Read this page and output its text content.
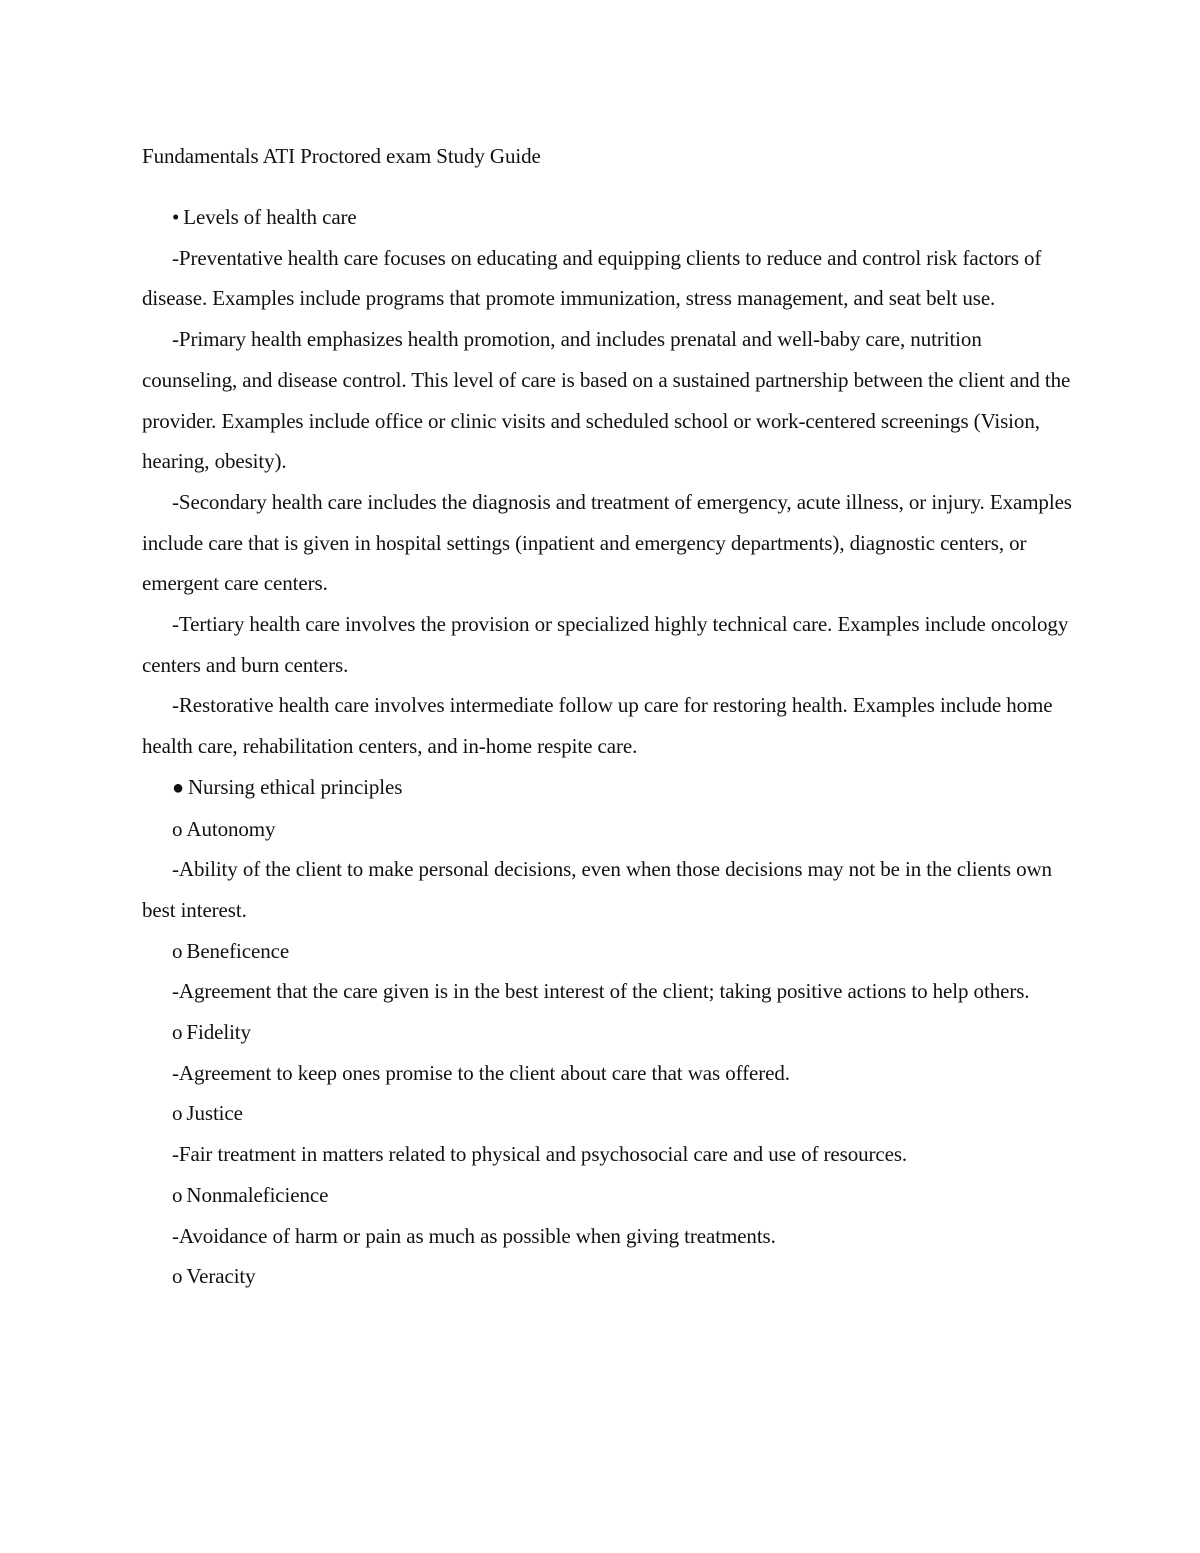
Fundamentals ATI Proctored exam Study Guide

• Levels of health care

-Preventative health care focuses on educating and equipping clients to reduce and control risk factors of disease. Examples include programs that promote immunization, stress management, and seat belt use.

-Primary health emphasizes health promotion, and includes prenatal and well-baby care, nutrition counseling, and disease control. This level of care is based on a sustained partnership between the client and the provider. Examples include office or clinic visits and scheduled school or work-centered screenings (Vision, hearing, obesity).

-Secondary health care includes the diagnosis and treatment of emergency, acute illness, or injury. Examples include care that is given in hospital settings (inpatient and emergency departments), diagnostic centers, or emergent care centers.

-Tertiary health care involves the provision or specialized highly technical care. Examples include oncology centers and burn centers.

-Restorative health care involves intermediate follow up care for restoring health. Examples include home health care, rehabilitation centers, and in-home respite care.

● Nursing ethical principles

o Autonomy

-Ability of the client to make personal decisions, even when those decisions may not be in the clients own best interest.

o Beneficence

-Agreement that the care given is in the best interest of the client; taking positive actions to help others.

o Fidelity

-Agreement to keep ones promise to the client about care that was offered.

o Justice

-Fair treatment in matters related to physical and psychosocial care and use of resources.

o Nonmaleficience

-Avoidance of harm or pain as much as possible when giving treatments.

o Veracity
